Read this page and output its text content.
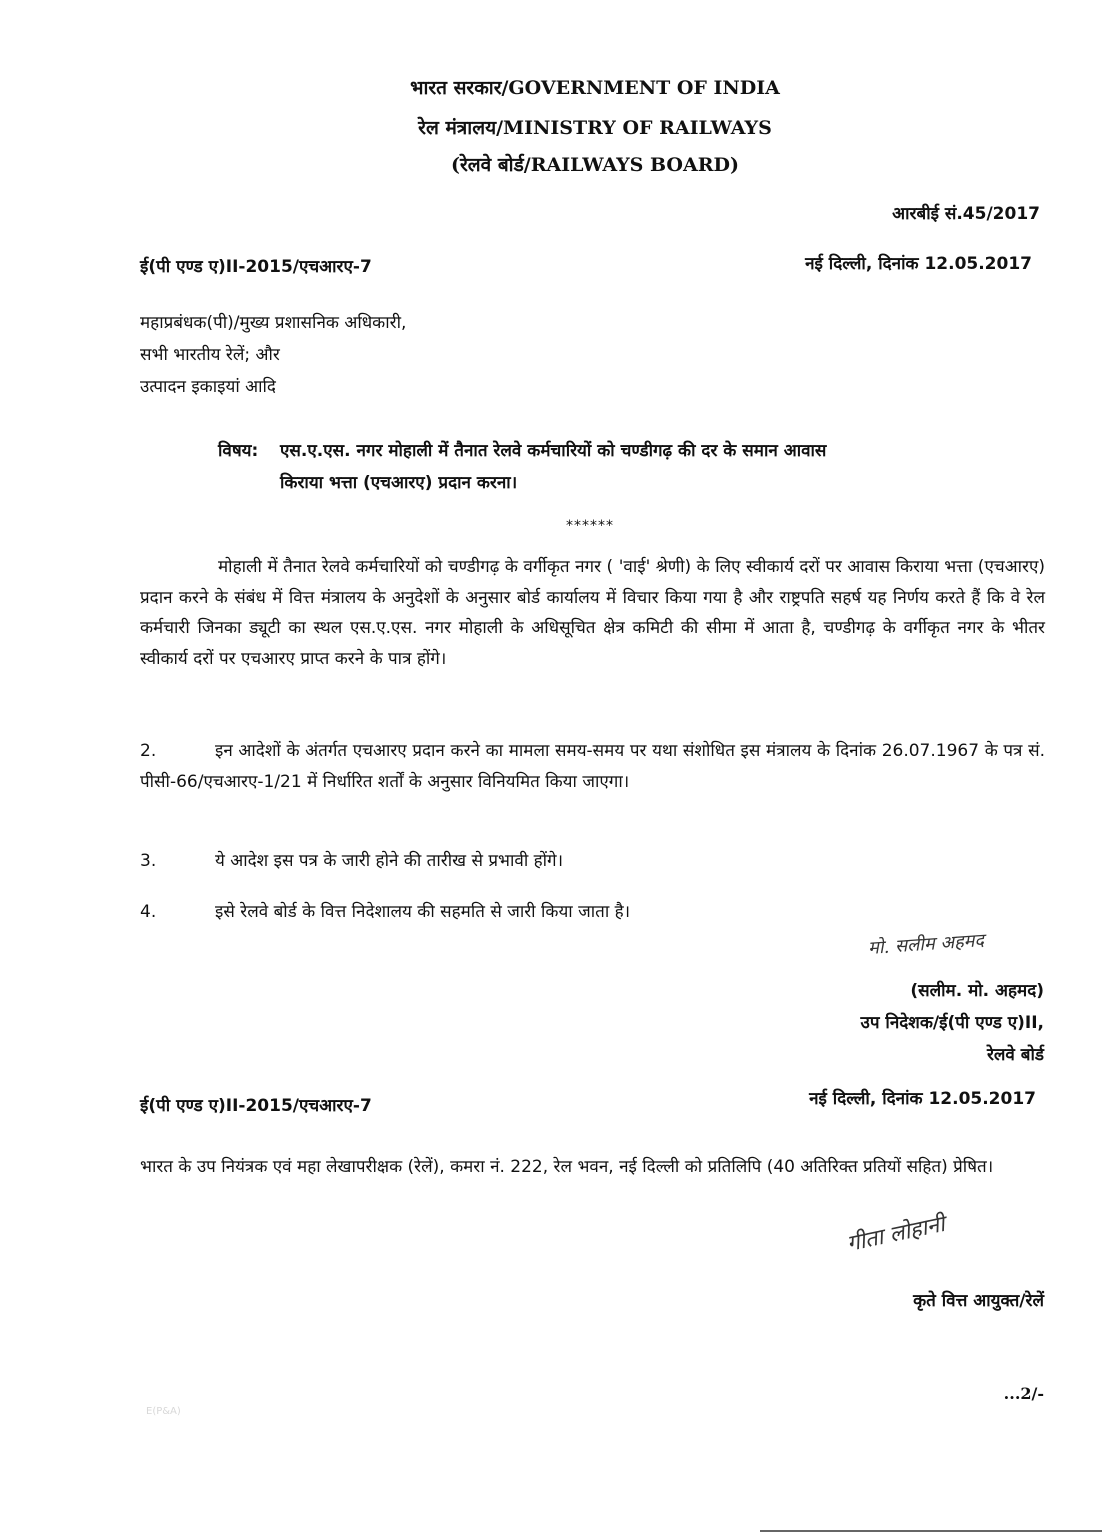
भारत सरकार/GOVERNMENT OF INDIA
रेल मंत्रालय/MINISTRY OF RAILWAYS
(रेलवे बोर्ड/RAILWAYS BOARD)
आरबीई सं.45/2017
ई(पी एण्ड ए)II-2015/एचआरए-7	नई दिल्ली, दिनांक 12.05.2017
महाप्रबंधक(पी)/मुख्य प्रशासनिक अधिकारी,
सभी भारतीय रेलें; और
उत्पादन इकाइयां आदि
विषय: एस.ए.एस. नगर मोहाली में तैनात रेलवे कर्मचारियों को चण्डीगढ़ की दर के समान आवास
किराया भत्ता (एचआरए) प्रदान करना।
******
मोहाली में तैनात रेलवे कर्मचारियों को चण्डीगढ़ के वर्गीकृत नगर ( 'वाई' श्रेणी) के लिए स्वीकार्य दरों पर आवास किराया भत्ता (एचआरए) प्रदान करने के संबंध में वित्त मंत्रालय के अनुदेशों के अनुसार बोर्ड कार्यालय में विचार किया गया है और राष्ट्रपति सहर्ष यह निर्णय करते हैं कि वे रेल कर्मचारी जिनका ड्यूटी का स्थल एस.ए.एस. नगर मोहाली के अधिसूचित क्षेत्र कमिटी की सीमा में आता है, चण्डीगढ़ के वर्गीकृत नगर के भीतर स्वीकार्य दरों पर एचआरए प्राप्त करने के पात्र होंगे।
2.	इन आदेशों के अंतर्गत एचआरए प्रदान करने का मामला समय-समय पर यथा संशोधित इस मंत्रालय के दिनांक 26.07.1967 के पत्र सं. पीसी-66/एचआरए-1/21 में निर्धारित शर्तों के अनुसार विनियमित किया जाएगा।
3.	ये आदेश इस पत्र के जारी होने की तारीख से प्रभावी होंगे।
4.	इसे रेलवे बोर्ड के वित्त निदेशालय की सहमति से जारी किया जाता है।
मो. सलीम अहमद
(सलीम. मो. अहमद)
उप निदेशक/ई(पी एण्ड ए)II,
रेलवे बोर्ड
ई(पी एण्ड ए)II-2015/एचआरए-7	नई दिल्ली, दिनांक 12.05.2017
भारत के उप नियंत्रक एवं महा लेखापरीक्षक (रेलें), कमरा नं. 222, रेल भवन, नई दिल्ली को प्रतिलिपि (40 अतिरिक्त प्रतियों सहित) प्रेषित।
गीता लोहानी
कृते वित्त आयुक्त/रेलें
...2/-
E(P&A)
